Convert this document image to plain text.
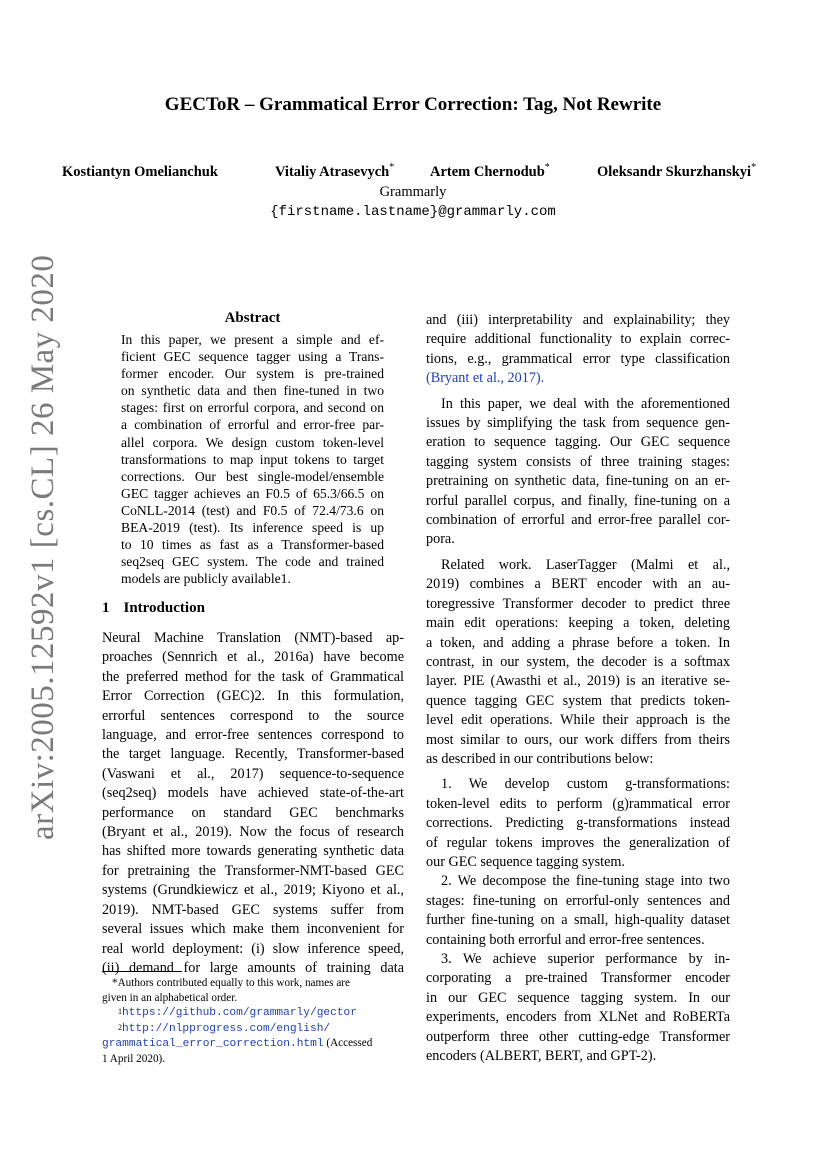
arXiv:2005.12592v1 [cs.CL] 26 May 2020
GECToR – Grammatical Error Correction: Tag, Not Rewrite
Kostiantyn Omelianchuk	Vitaliy Atrasevych* Artem Chernodub*	Oleksandr Skurzhanskyi*
Grammarly
{firstname.lastname}@grammarly.com
Abstract
In this paper, we present a simple and ef-
ficient GEC sequence tagger using a Trans-
former encoder. Our system is pre-trained
on synthetic data and then fine-tuned in two
stages: first on errorful corpora, and second on
a combination of errorful and error-free par-
allel corpora. We design custom token-level
transformations to map input tokens to target
corrections. Our best single-model/ensemble
GEC tagger achieves an F0.5 of 65.3/66.5 on
CoNLL-2014 (test) and F0.5 of 72.4/73.6 on
BEA-2019 (test). Its inference speed is up
to 10 times as fast as a Transformer-based
seq2seq GEC system. The code and trained
models are publicly available1.
1 Introduction
Neural Machine Translation (NMT)-based ap-
proaches (Sennrich et al., 2016a) have become
the preferred method for the task of Grammatical
Error Correction (GEC)2. In this formulation,
errorful sentences correspond to the source
language, and error-free sentences correspond to
the target language. Recently, Transformer-based
(Vaswani et al., 2017) sequence-to-sequence
(seq2seq) models have achieved state-of-the-art
performance on standard GEC benchmarks
(Bryant et al., 2019). Now the focus of research
has shifted more towards generating synthetic data
for pretraining the Transformer-NMT-based GEC
systems (Grundkiewicz et al., 2019; Kiyono et al.,
2019). NMT-based GEC systems suffer from
several issues which make them inconvenient for
real world deployment: (i) slow inference speed,
(ii) demand for large amounts of training data
*Authors contributed equally to this work, names are
given in an alphabetical order.
$^1$https://github.com/grammarly/gector
$^2$http://nlpprogress.com/english/
grammatical_error_correction.html (Accessed
1 April 2020).
and (iii) interpretability and explainability; they
require additional functionality to explain correc-
tions, e.g., grammatical error type classification
(Bryant et al., 2017).
In this paper, we deal with the aforementioned
issues by simplifying the task from sequence gen-
eration to sequence tagging. Our GEC sequence
tagging system consists of three training stages:
pretraining on synthetic data, fine-tuning on an er-
rorful parallel corpus, and finally, fine-tuning on a
combination of errorful and error-free parallel cor-
pora.
Related work. LaserTagger (Malmi et al.,
2019) combines a BERT encoder with an au-
toregressive Transformer decoder to predict three
main edit operations: keeping a token, deleting
a token, and adding a phrase before a token. In
contrast, in our system, the decoder is a softmax
layer. PIE (Awasthi et al., 2019) is an iterative se-
quence tagging GEC system that predicts token-
level edit operations. While their approach is the
most similar to ours, our work differs from theirs
as described in our contributions below:
1. We develop custom g-transformations:
token-level edits to perform (g)rammatical error
corrections. Predicting g-transformations instead
of regular tokens improves the generalization of
our GEC sequence tagging system.
2. We decompose the fine-tuning stage into two
stages: fine-tuning on errorful-only sentences and
further fine-tuning on a small, high-quality dataset
containing both errorful and error-free sentences.
3. We achieve superior performance by in-
corporating a pre-trained Transformer encoder
in our GEC sequence tagging system. In our
experiments, encoders from XLNet and RoBERTa
outperform three other cutting-edge Transformer
encoders (ALBERT, BERT, and GPT-2).
